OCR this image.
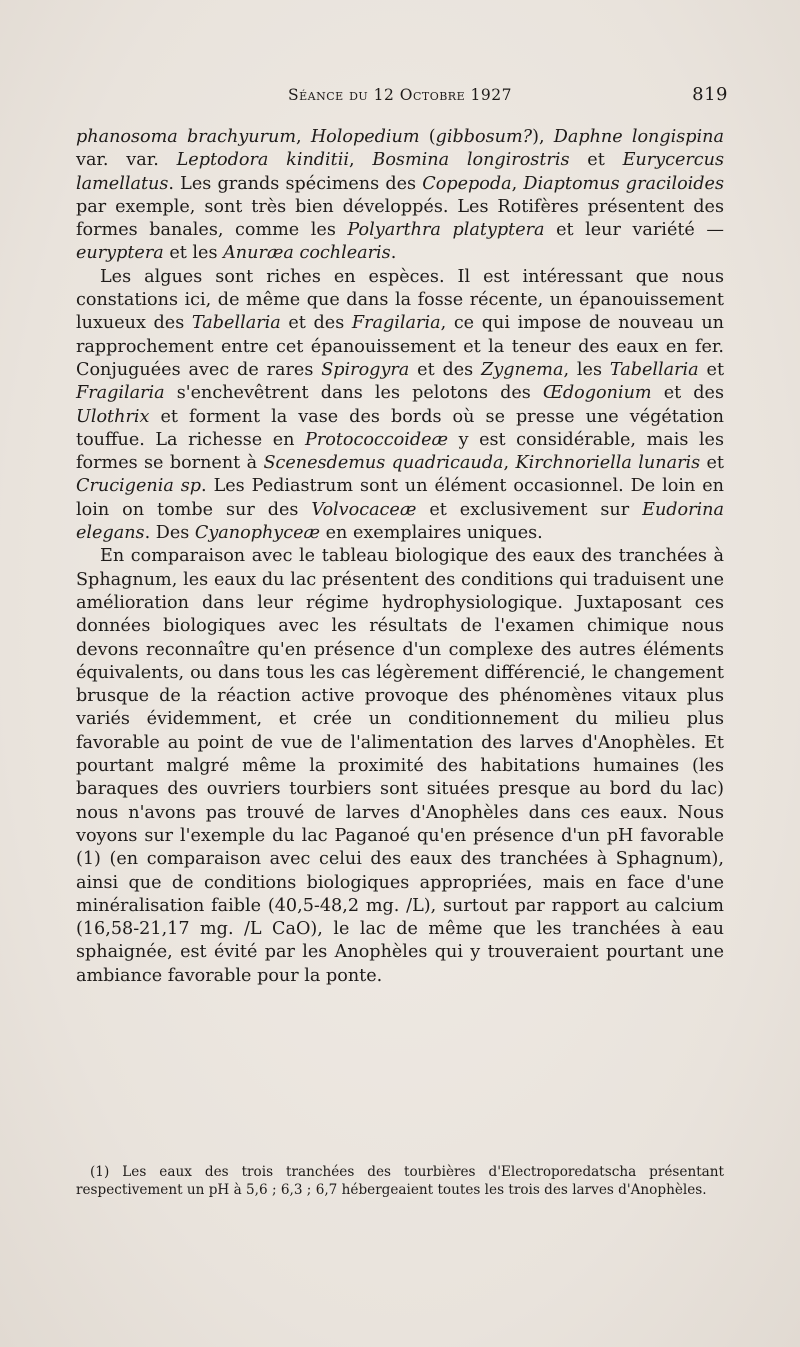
Séance du 12 Octobre 1927	819

phanosoma brachyurum, Holopedium (gibbosum?), Daphne longispina var. var. Leptodora kinditii, Bosmina longirostris et Eurycercus lamellatus. Les grands spécimens des Copepoda, Diaptomus graciloides par exemple, sont très bien développés. Les Rotifères présentent des formes banales, comme les Polyarthra platyptera et leur variété — euryptera et les Anuræa cochlearis.

Les algues sont riches en espèces. Il est intéressant que nous constations ici, de même que dans la fosse récente, un épanouissement luxueux des Tabellaria et des Fragilaria, ce qui impose de nouveau un rapprochement entre cet épanouissement et la teneur des eaux en fer. Conjuguées avec de rares Spirogyra et des Zygnema, les Tabellaria et Fragilaria s'enchevêtrent dans les pelotons des Œdogonium et des Ulothrix et forment la vase des bords où se presse une végétation touffue. La richesse en Protococcoideæ y est considérable, mais les formes se bornent à Scenesdemus quadricauda, Kirchnoriella lunaris et Crucigenia sp. Les Pediastrum sont un élément occasionnel. De loin en loin on tombe sur des Volvocaceæ et exclusivement sur Eudorina elegans. Des Cyanophyceæ en exemplaires uniques.

En comparaison avec le tableau biologique des eaux des tranchées à Sphagnum, les eaux du lac présentent des conditions qui traduisent une amélioration dans leur régime hydrophysiologique. Juxtaposant ces données biologiques avec les résultats de l'examen chimique nous devons reconnaître qu'en présence d'un complexe des autres éléments équivalents, ou dans tous les cas légèrement différencié, le changement brusque de la réaction active provoque des phénomènes vitaux plus variés évidemment, et crée un conditionnement du milieu plus favorable au point de vue de l'alimentation des larves d'Anophèles. Et pourtant malgré même la proximité des habitations humaines (les baraques des ouvriers tourbiers sont situées presque au bord du lac) nous n'avons pas trouvé de larves d'Anophèles dans ces eaux. Nous voyons sur l'exemple du lac Paganoé qu'en présence d'un pH favorable (1) (en comparaison avec celui des eaux des tranchées à Sphagnum), ainsi que de conditions biologiques appropriées, mais en face d'une minéralisation faible (40,5-48,2 mg. /L), surtout par rapport au calcium (16,58-21,17 mg. /L CaO), le lac de même que les tranchées à eau sphaignée, est évité par les Anophèles qui y trouveraient pourtant une ambiance favorable pour la ponte.

(1) Les eaux des trois tranchées des tourbières d'Electroporedatscha présentant respectivement un pH à 5,6 ; 6,3 ; 6,7 hébergeaient toutes les trois des larves d'Anophèles.
